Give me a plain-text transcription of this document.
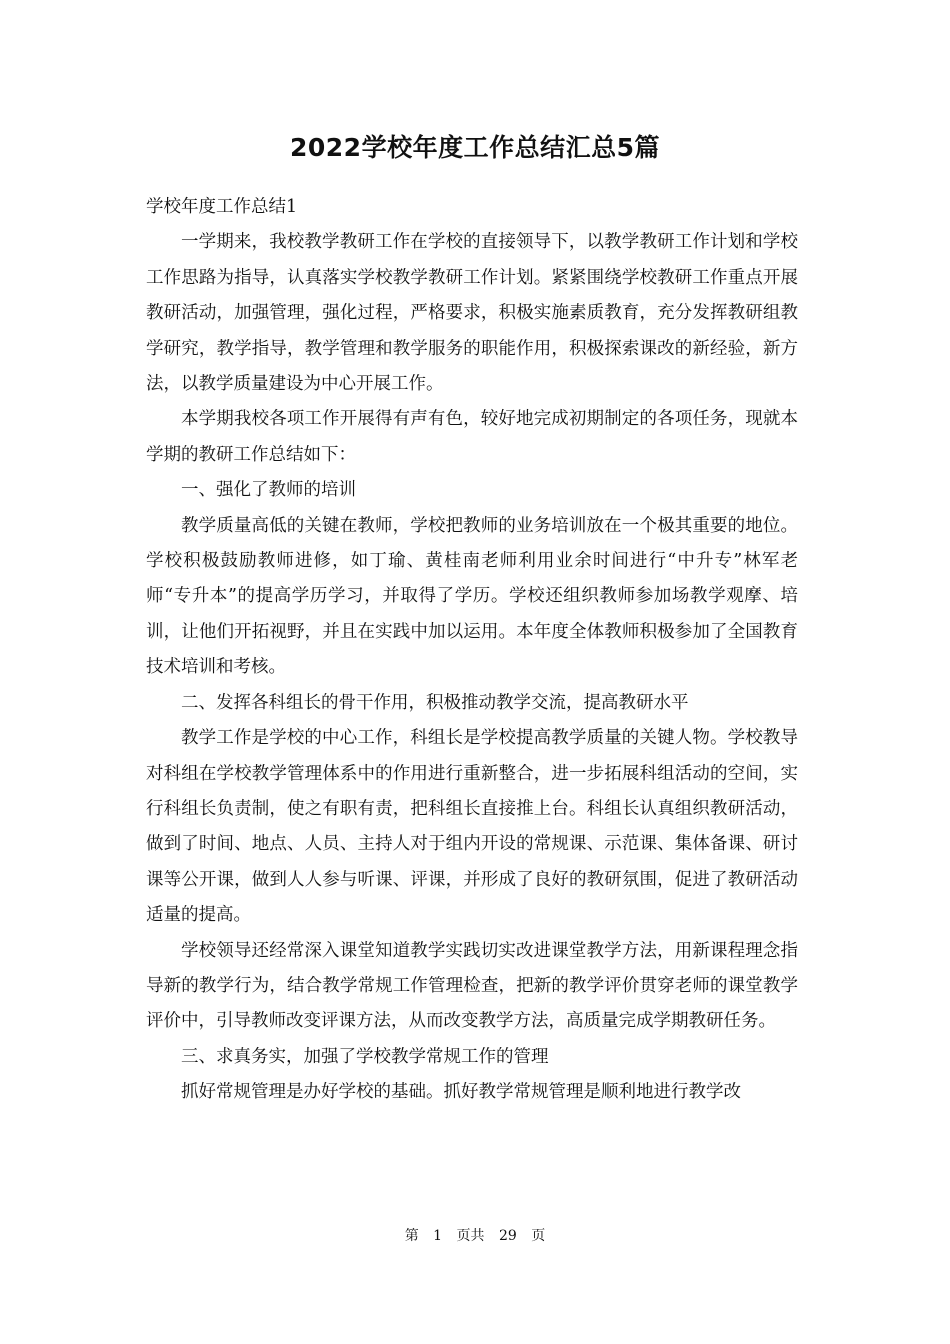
2022学校年度工作总结汇总5篇

学校年度工作总结1

一学期来，我校教学教研工作在学校的直接领导下，以教学教研工作计划和学校工作思路为指导，认真落实学校教学教研工作计划。紧紧围绕学校教研工作重点开展教研活动，加强管理，强化过程，严格要求，积极实施素质教育，充分发挥教研组教学研究，教学指导，教学管理和教学服务的职能作用，积极探索课改的新经验，新方法，以教学质量建设为中心开展工作。

本学期我校各项工作开展得有声有色，较好地完成初期制定的各项任务，现就本学期的教研工作总结如下：

一、强化了教师的培训

教学质量高低的关键在教师，学校把教师的业务培训放在一个极其重要的地位。学校积极鼓励教师进修，如丁瑜、黄桂南老师利用业余时间进行“中升专”林军老师“专升本”的提高学历学习，并取得了学历。学校还组织教师参加场教学观摩、培训，让他们开拓视野，并且在实践中加以运用。本年度全体教师积极参加了全国教育技术培训和考核。

二、发挥各科组长的骨干作用，积极推动教学交流，提高教研水平

教学工作是学校的中心工作，科组长是学校提高教学质量的关键人物。学校教导对科组在学校教学管理体系中的作用进行重新整合，进一步拓展科组活动的空间，实行科组长负责制，使之有职有责，把科组长直接推上台。科组长认真组织教研活动，做到了时间、地点、人员、主持人对于组内开设的常规课、示范课、集体备课、研讨课等公开课，做到人人参与听课、评课，并形成了良好的教研氛围，促进了教研活动适量的提高。

学校领导还经常深入课堂知道教学实践切实改进课堂教学方法，用新课程理念指导新的教学行为，结合教学常规工作管理检查，把新的教学评价贯穿老师的课堂教学评价中，引导教师改变评课方法，从而改变教学方法，高质量完成学期教研任务。

三、求真务实，加强了学校教学常规工作的管理

抓好常规管理是办好学校的基础。抓好教学常规管理是顺利地进行教学改

第 1 页共 29 页
